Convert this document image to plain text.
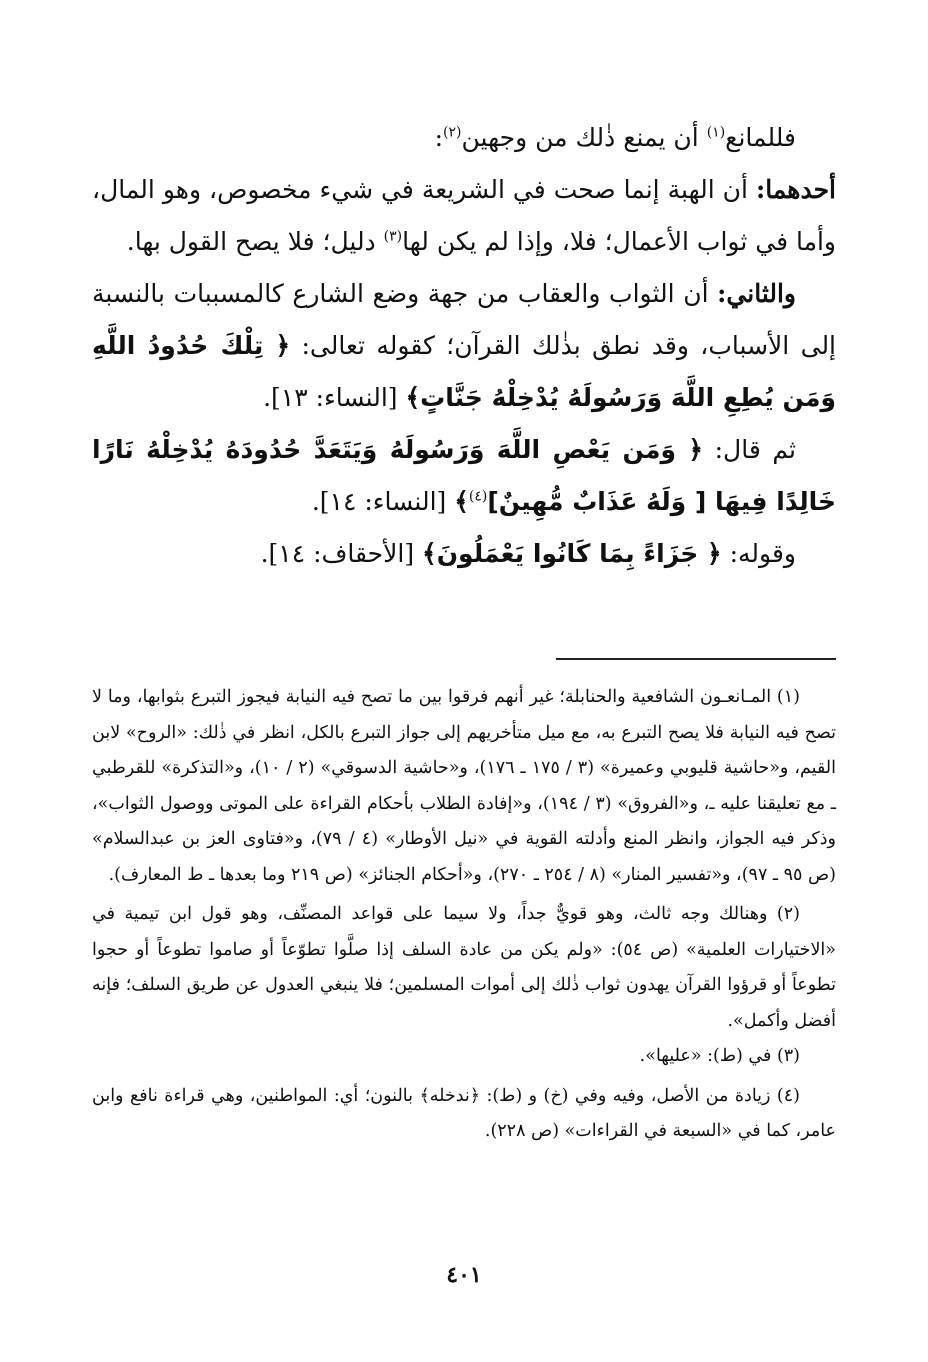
فللمانع$^{(١)}$ أن يمنع ذٰلك من وجهين$^{(٢)}$:

أحدهما: أن الهبة إنما صحت في الشريعة في شيء مخصوص، وهو المال، وأما في ثواب الأعمال؛ فلا، وإذا لم يكن لها$^{(٣)}$ دليل؛ فلا يصح القول بها.

والثاني: أن الثواب والعقاب من جهة وضع الشارع كالمسببات بالنسبة إلى الأسباب، وقد نطق بذٰلك القرآن؛ كقوله تعالى: ﴿ تِلْكَ حُدُودُ اللَّهِ وَمَن يُطِعِ اللَّهَ وَرَسُولَهُ يُدْخِلْهُ جَنَّاتٍ﴾ [النساء: ١٣].

ثم قال: ﴿ وَمَن يَعْصِ اللَّهَ وَرَسُولَهُ وَيَتَعَدَّ حُدُودَهُ يُدْخِلْهُ نَارًا خَالِدًا فِيهَا [ وَلَهُ عَذَابٌ مُّهِينٌ]$^{(٤)}$﴾ [النساء: ١٤].

وقوله: ﴿ جَزَاءً بِمَا كَانُوا يَعْمَلُونَ﴾ [الأحقاف: ١٤].

(١) المـانعـون الشافعية والحنابلة؛ غير أنهم فرقوا بين ما تصح فيه النيابة فيجوز التبرع بثوابها، وما لا تصح فيه النيابة فلا يصح التبرع به، مع ميل متأخريهم إلى جواز التبرع بالكل، انظر في ذٰلك: «الروح» لابن القيم، و«حاشية قليوبي وعميرة» (٣ / ١٧٥ ـ ١٧٦)، و«حاشية الدسوقي» (٢ / ١٠)، و«التذكرة» للقرطبي ـ مع تعليقنا عليه ـ، و«الفروق» (٣ / ١٩٤)، و«إفادة الطلاب بأحكام القراءة على الموتى ووصول الثواب»، وذكر فيه الجواز، وانظر المنع وأدلته القوية في «نيل الأوطار» (٤ / ٧٩)، و«فتاوى العز بن عبدالسلام» (ص ٩٥ ـ ٩٧)، و«تفسير المنار» (٨ / ٢٥٤ ـ ٢٧٠)، و«أحكام الجنائز» (ص ٢١٩ وما بعدها ـ ط المعارف).

(٢) وهنالك وجه ثالث، وهو قويٌّ جداً، ولا سيما على قواعد المصنِّف، وهو قول ابن تيمية في «الاختيارات العلمية» (ص ٥٤): «ولم يكن من عادة السلف إذا صلَّوا تطوّعاً أو صاموا تطوعاً أو حجوا تطوعاً أو قرؤوا القرآن يهدون ثواب ذٰلك إلى أموات المسلمين؛ فلا ينبغي العدول عن طريق السلف؛ فإنه أفضل وأكمل».

(٣) في (ط): «عليها».

(٤) زيادة من الأصل، وفيه وفي (خ) و (ط): ﴿ندخله﴾ بالنون؛ أي: المواطنين، وهي قراءة نافع وابن عامر، كما في «السبعة في القراءات» (ص ٢٢٨).

٤٠١
